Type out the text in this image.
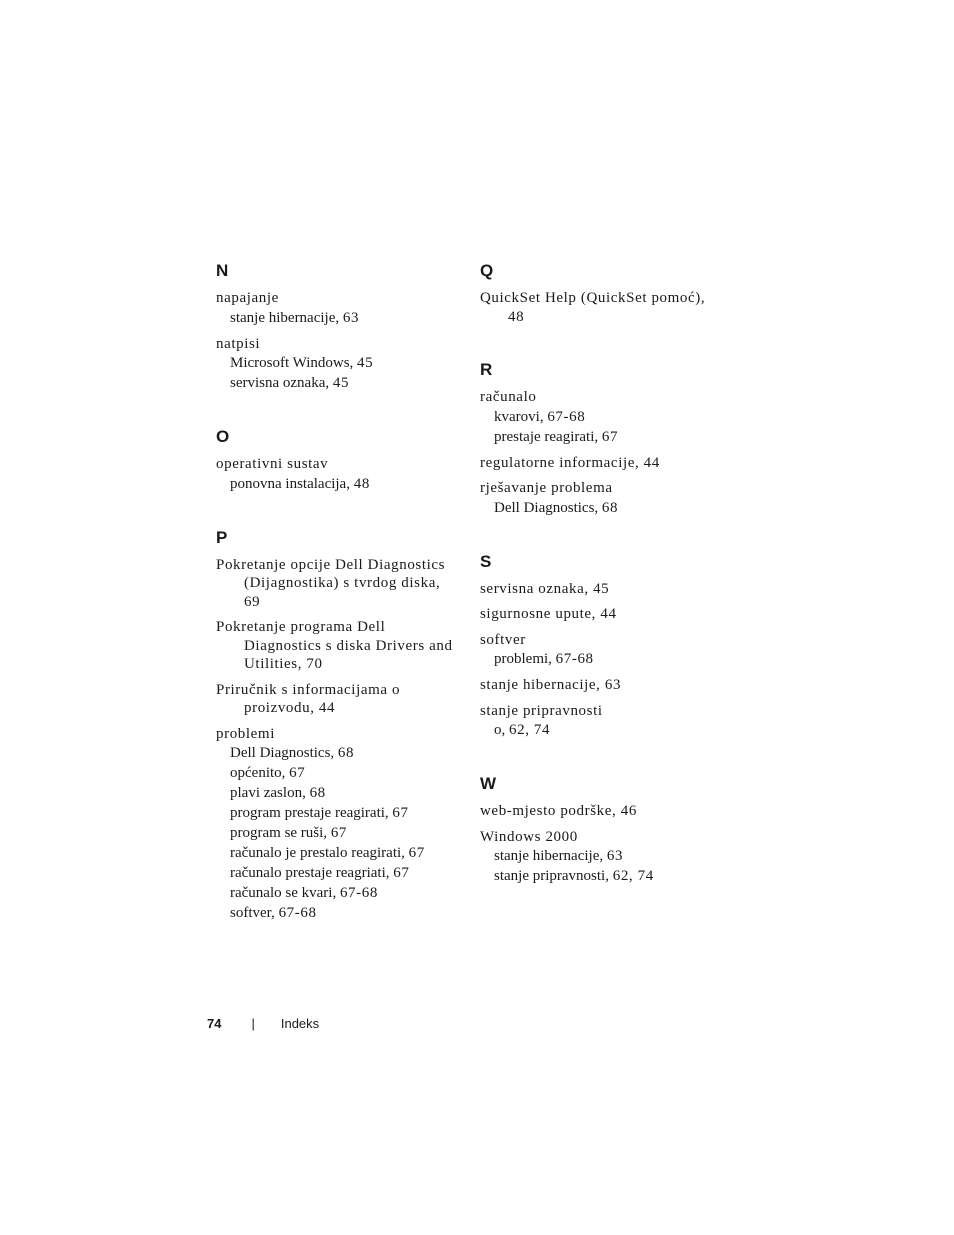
N
napajanje
stanje hibernacije, 63
natpisi
Microsoft Windows, 45
servisna oznaka, 45
O
operativni sustav
ponovna instalacija, 48
P
Pokretanje opcije Dell Diagnostics (Dijagnostika) s tvrdog diska, 69
Pokretanje programa Dell Diagnostics s diska Drivers and Utilities, 70
Priručnik s informacijama o proizvodu, 44
problemi
Dell Diagnostics, 68
općenito, 67
plavi zaslon, 68
program prestaje reagirati, 67
program se ruši, 67
računalo je prestalo reagirati, 67
računalo prestaje reagriati, 67
računalo se kvari, 67-68
softver, 67-68
Q
QuickSet Help (QuickSet pomoć), 48
R
računalo
kvarovi, 67-68
prestaje reagirati, 67
regulatorne informacije, 44
rješavanje problema
Dell Diagnostics, 68
S
servisna oznaka, 45
sigurnosne upute, 44
softver
problemi, 67-68
stanje hibernacije, 63
stanje pripravnosti
o, 62, 74
W
web-mjesto podrške, 46
Windows 2000
stanje hibernacije, 63
stanje pripravnosti, 62, 74
74 | Indeks
